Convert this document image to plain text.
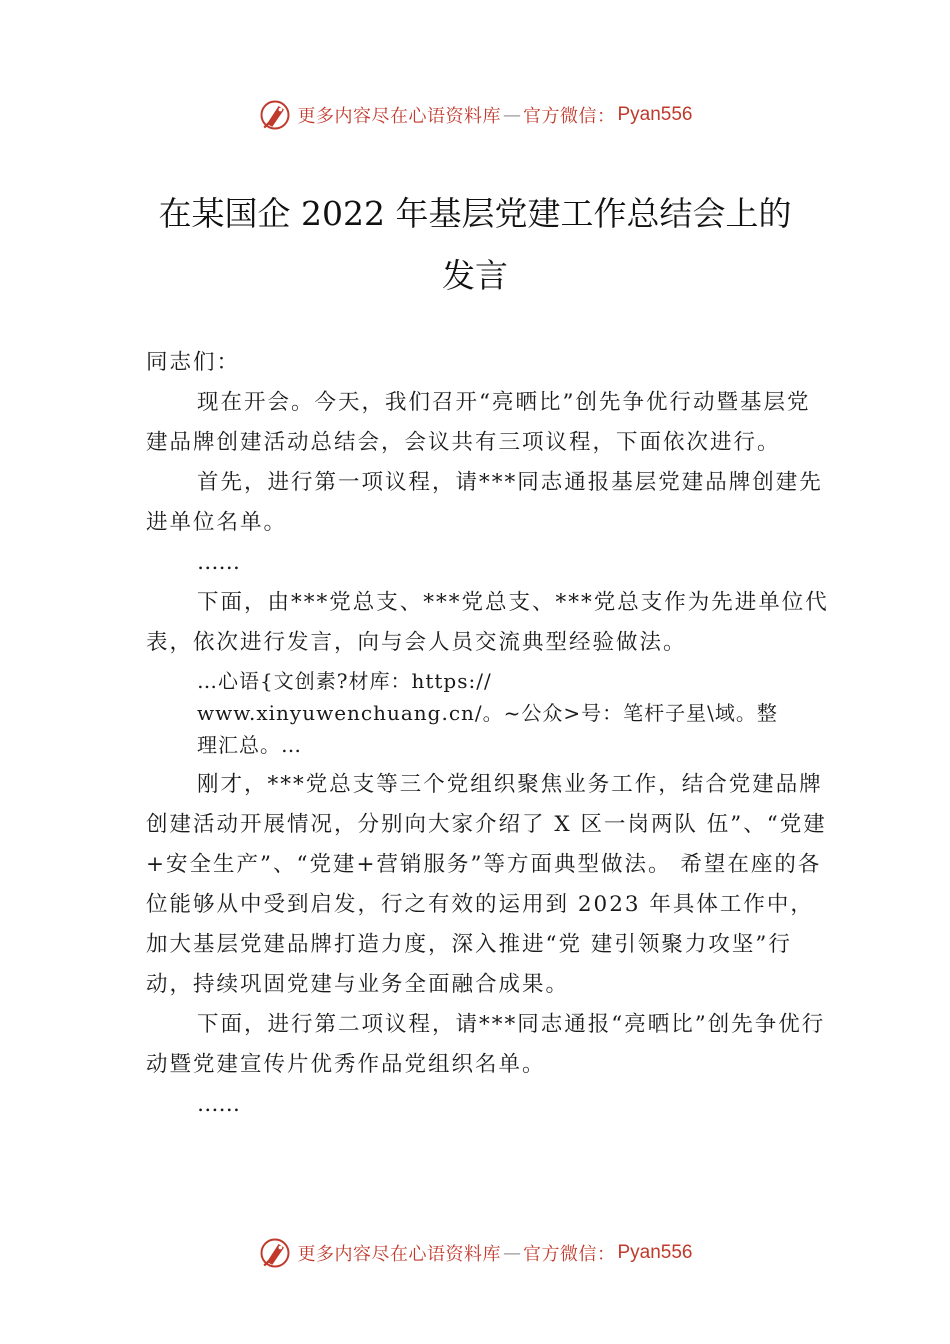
更多内容尽在心语资料库 — 官方微信： Pyan556
在某国企 2022 年基层党建工作总结会上的
发言

同志们：

现在开会。今天，我们召开“亮晒比”创先争优行动暨基层党建品牌创建活动总结会，会议共有三项议程，下面依次进行。

首先，进行第一项议程，请***同志通报基层党建品牌创建先进单位名单。

……

下面，由***党总支、***党总支、***党总支作为先进单位代表，依次进行发言，向与会人员交流典型经验做法。

…心语{文创素?材库：https://
www.xinyuwenchuang.cn/。~公众>号：笔杆子星\域。整
理汇总。…

刚才，***党总支等三个党组织聚焦业务工作，结合党建品牌创建活动开展情况，分别向大家介绍了 X 区一岗两队 伍”、“党建+安全生产”、“党建+营销服务”等方面典型做法。 希望在座的各位能够从中受到启发，行之有效的运用到 2023 年具体工作中，加大基层党建品牌打造力度，深入推进“党 建引领聚力攻坚”行动，持续巩固党建与业务全面融合成果。

下面，进行第二项议程，请***同志通报“亮晒比”创先争优行动暨党建宣传片优秀作品党组织名单。

……

更多内容尽在心语资料库 — 官方微信： Pyan556
